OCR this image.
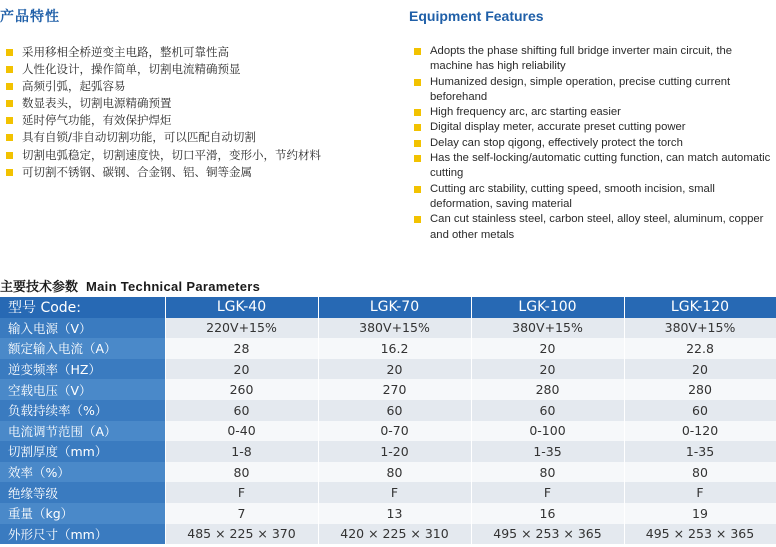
产品特性	Equipment Features
采用移相全桥逆变主电路，整机可靠性高
人性化设计，操作简单，切割电流精确预显
高频引弧，起弧容易
数显表头，切割电源精确预置
延时停气功能，有效保护焊炬
具有自锁/非自动切割功能，可以匹配自动切割
切割电弧稳定，切割速度快，切口平滑，变形小，节约材料
可切割不锈钢、碳钢、合金钢、铝、铜等金属
Adopts the phase shifting full bridge inverter main circuit, the machine has high reliability
Humanized design, simple operation, precise cutting current beforehand
High frequency arc, arc starting easier
Digital display meter, accurate preset cutting power
Delay can stop qigong, effectively protect the torch
Has the self-locking/automatic cutting function, can match automatic cutting
Cutting arc stability, cutting speed, smooth incision, small deformation, saving material
Can cut stainless steel, carbon steel, alloy steel, aluminum, copper and other metals
主要技术参数 Main Technical Parameters
型号 Code:	LGK-40	LGK-70	LGK-100	LGK-120
输入电源（V）	220V+15%	380V+15%	380V+15%	380V+15%
额定输入电流（A）	28	16.2	20	22.8
逆变频率（HZ）	20	20	20	20
空载电压（V）	260	270	280	280
负载持续率（%）	60	60	60	60
电流调节范围（A）	0-40	0-70	0-100	0-120
切割厚度（mm）	1-8	1-20	1-35	1-35
效率（%）	80	80	80	80
绝缘等级	F	F	F	F
重量（kg）	7	13	16	19
外形尺寸（mm）	485 × 225 × 370	420 × 225 × 310	495 × 253 × 365	495 × 253 × 365
